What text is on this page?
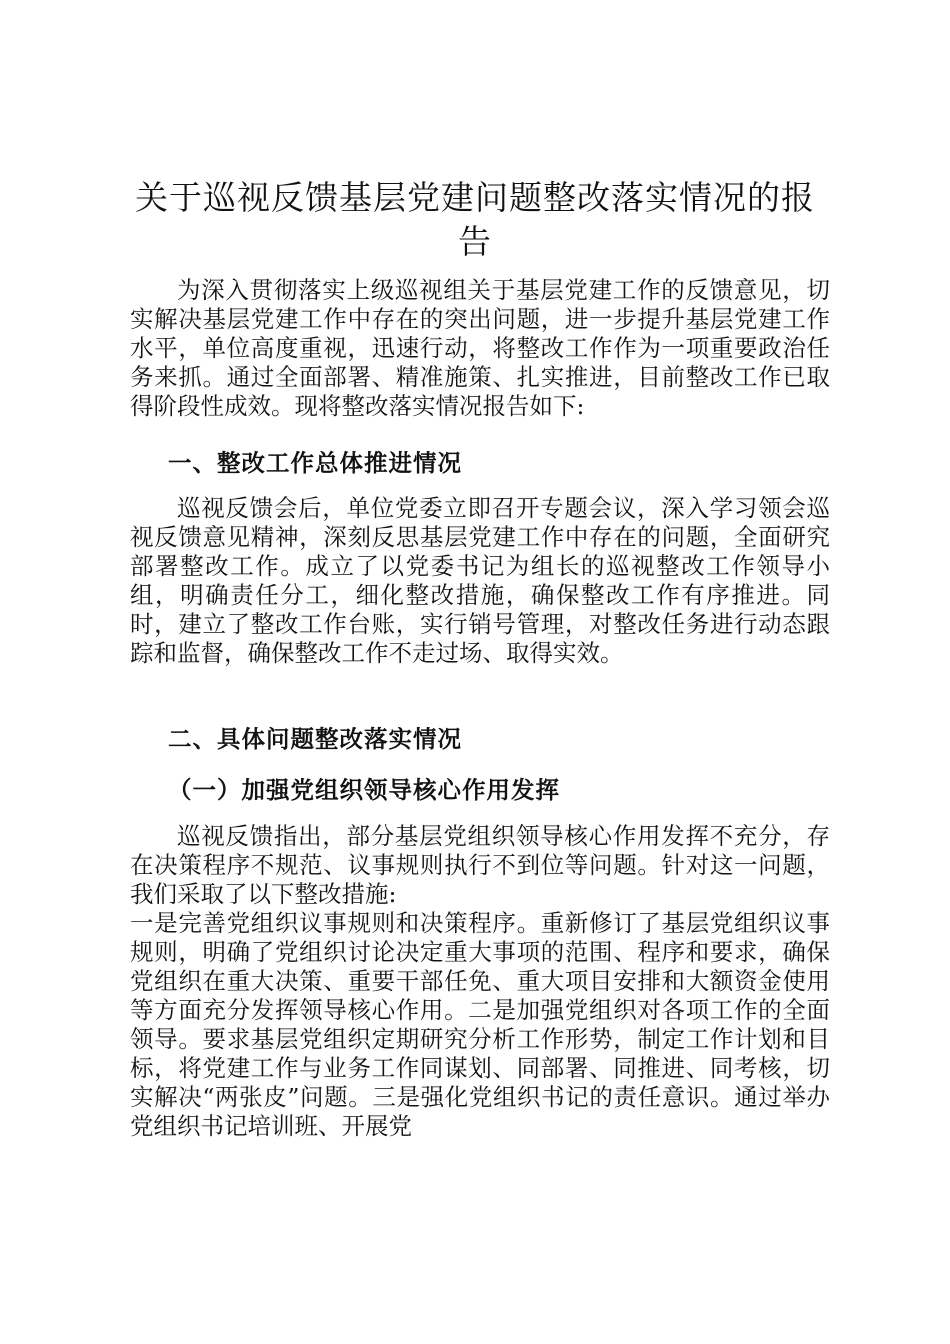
关于巡视反馈基层党建问题整改落实情况的报
告

为深入贯彻落实上级巡视组关于基层党建工作的反馈意见，切实解决基层党建工作中存在的突出问题，进一步提升基层党建工作水平，单位高度重视，迅速行动，将整改工作作为一项重要政治任务来抓。通过全面部署、精准施策、扎实推进，目前整改工作已取得阶段性成效。现将整改落实情况报告如下:

一、整改工作总体推进情况

巡视反馈会后，单位党委立即召开专题会议，深入学习领会巡视反馈意见精神，深刻反思基层党建工作中存在的问题，全面研究部署整改工作。成立了以党委书记为组长的巡视整改工作领导小组，明确责任分工，细化整改措施，确保整改工作有序推进。同时，建立了整改工作台账，实行销号管理，对整改任务进行动态跟踪和监督，确保整改工作不走过场、取得实效。

二、具体问题整改落实情况
（一）加强党组织领导核心作用发挥

巡视反馈指出，部分基层党组织领导核心作用发挥不充分，存在决策程序不规范、议事规则执行不到位等问题。针对这一问题，我们采取了以下整改措施:

一是完善党组织议事规则和决策程序。重新修订了基层党组织议事规则，明确了党组织讨论决定重大事项的范围、程序和要求，确保党组织在重大决策、重要干部任免、重大项目安排和大额资金使用等方面充分发挥领导核心作用。二是加强党组织对各项工作的全面领导。要求基层党组织定期研究分析工作形势，制定工作计划和目标，将党建工作与业务工作同谋划、同部署、同推进、同考核，切实解决“两张皮”问题。三是强化党组织书记的责任意识。通过举办党组织书记培训班、开展党
